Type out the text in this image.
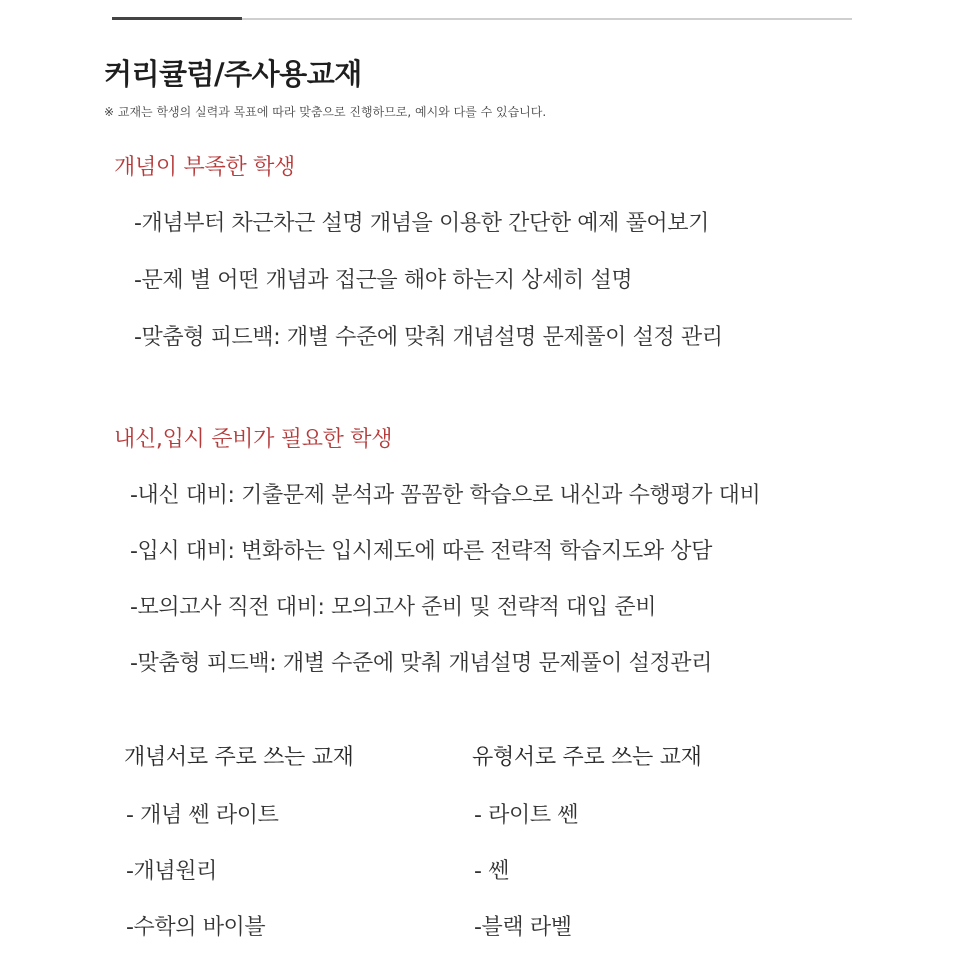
커리큘럼/주사용교재
※ 교재는 학생의 실력과 목표에 따라 맞춤으로 진행하므로, 예시와 다를 수 있습니다.
개념이 부족한 학생
-개념부터 차근차근 설명 개념을 이용한 간단한 예제 풀어보기
-문제 별 어떤 개념과 접근을 해야 하는지 상세히 설명
-맞춤형 피드백: 개별 수준에 맞춰 개념설명 문제풀이 설정 관리
내신,입시 준비가 필요한 학생
-내신 대비: 기출문제 분석과 꼼꼼한 학습으로 내신과 수행평가 대비
-입시 대비: 변화하는 입시제도에 따른 전략적 학습지도와 상담
-모의고사 직전 대비: 모의고사 준비 및 전략적 대입 준비
-맞춤형 피드백: 개별 수준에 맞춰 개념설명 문제풀이 설정관리
개념서로 주로 쓰는 교재
- 개념 쎈 라이트
-개념원리
-수학의 바이블
유형서로 주로 쓰는 교재
- 라이트 쎈
- 쎈
-블랙 라벨
